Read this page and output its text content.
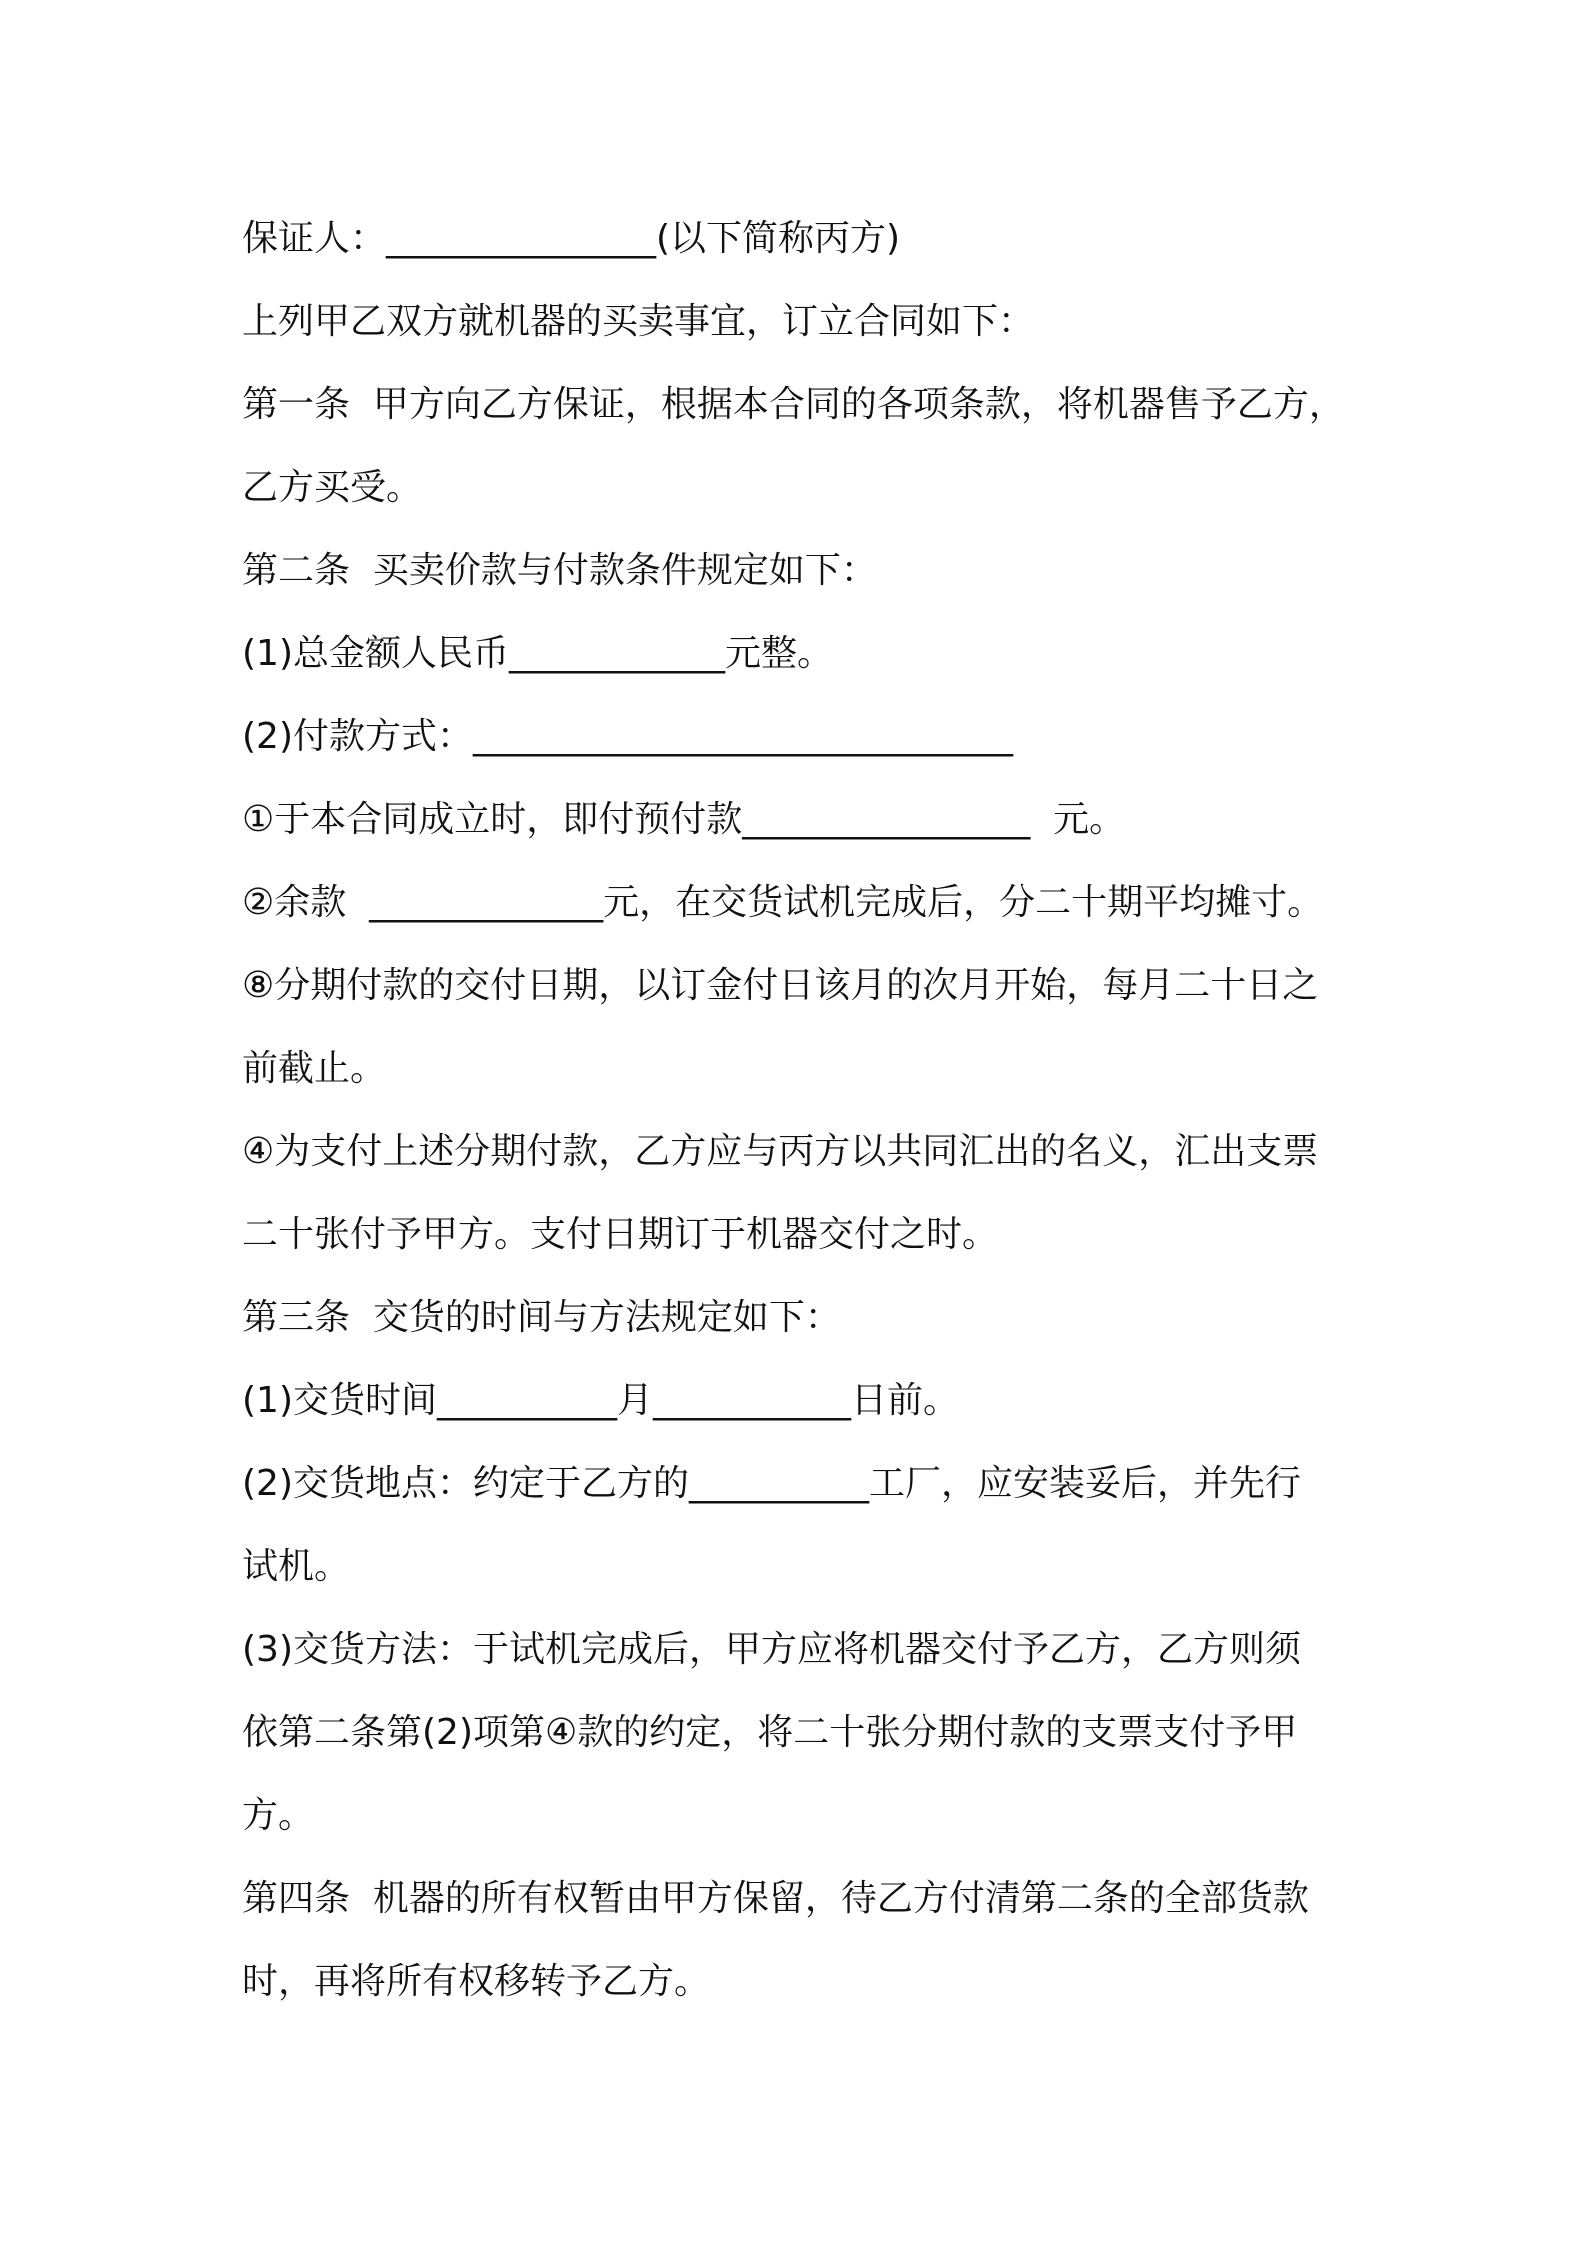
保证人：_______________(以下简称丙方)
上列甲乙双方就机器的买卖事宜，订立合同如下：
第一条  甲方向乙方保证，根据本合同的各项条款，将机器售予乙方，
乙方买受。
第二条  买卖价款与付款条件规定如下：
(1)总金额人民币____________元整。
(2)付款方式：______________________________
①于本合同成立时，即付预付款________________  元。
②余款  _____________元，在交货试机完成后，分二十期平均摊寸。
⑧分期付款的交付日期，以订金付日该月的次月开始，每月二十日之
前截止。
④为支付上述分期付款，乙方应与丙方以共同汇出的名义，汇出支票
二十张付予甲方。支付日期订于机器交付之时。
第三条  交货的时间与方法规定如下：
(1)交货时间__________月___________日前。
(2)交货地点：约定于乙方的__________工厂，应安装妥后，并先行
试机。
(3)交货方法：于试机完成后，甲方应将机器交付予乙方，乙方则须
依第二条第(2)项第④款的约定，将二十张分期付款的支票支付予甲
方。
第四条  机器的所有权暂由甲方保留，待乙方付清第二条的全部货款
时，再将所有权移转予乙方。
